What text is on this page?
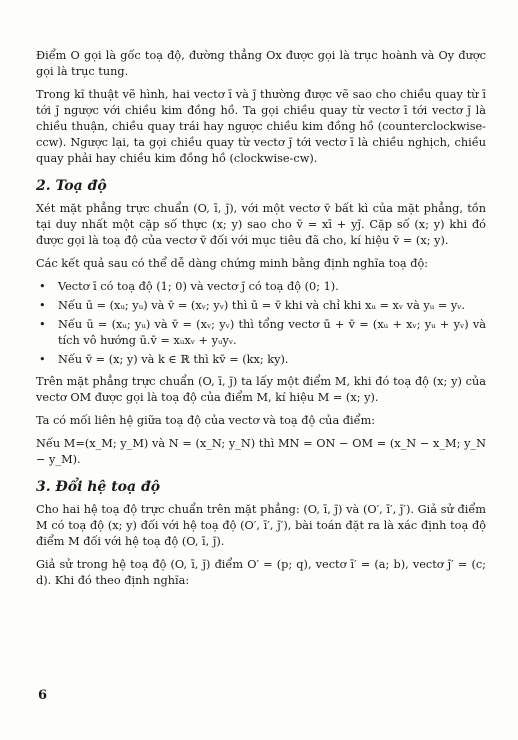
Điểm O gọi là gốc toạ độ, đường thẳng Ox được gọi là trục hoành và Oy được gọi là trục tung.

Trong kĩ thuật vẽ hình, hai vectơ ī và j̄ thường được vẽ sao cho chiều quay từ ī tới j̄ ngược với chiều kim đồng hồ. Ta gọi chiều quay từ vectơ ī tới vectơ j̄ là chiều thuận, chiều quay trái hay ngược chiều kim đồng hồ (counterclockwise-ccw). Ngược lại, ta gọi chiều quay từ vectơ j̄ tới vectơ ī là chiều nghịch, chiều quay phải hay chiều kim đồng hồ (clockwise-cw).

2. Toạ độ

Xét mặt phẳng trực chuẩn (O, ī, j̄), với một vectơ v̄ bất kì của mặt phẳng, tồn tại duy nhất một cặp số thực (x; y) sao cho v̄ = xī + yj̄. Cặp số (x; y) khi đó được gọi là toạ độ của vectơ v̄ đối với mục tiêu đã cho, kí hiệu v̄ = (x; y).

Các kết quả sau có thể dễ dàng chứng minh bằng định nghĩa toạ độ:

• Vectơ ī có toạ độ (1; 0) và vectơ j̄ có toạ độ (0; 1).
• Nếu ū = (xᵤ; yᵤ) và v̄ = (xᵥ; yᵥ) thì ū = v̄ khi và chỉ khi xᵤ = xᵥ và yᵤ = yᵥ.
• Nếu ū = (xᵤ; yᵤ) và v̄ = (xᵥ; yᵥ) thì tổng vectơ ū + v̄ = (xᵤ + xᵥ; yᵤ + yᵥ) và tích vô hướng ū.v̄ = xᵤxᵥ + yᵤyᵥ.
• Nếu v̄ = (x; y) và k ∈ ℝ thì kv̄ = (kx; ky).

Trên mặt phẳng trực chuẩn (O, ī, j̄) ta lấy một điểm M, khi đó toạ độ (x; y) của vectơ OM được gọi là toạ độ của điểm M, kí hiệu M = (x; y).

Ta có mối liên hệ giữa toạ độ của vectơ và toạ độ của điểm:

Nếu M=(x_M; y_M) và N = (x_N; y_N) thì MN = ON − OM = (x_N − x_M; y_N − y_M).

3. Đổi hệ toạ độ

Cho hai hệ toạ độ trực chuẩn trên mặt phẳng: (O, ī, j̄) và (O′, ī′, j̄′). Giả sử điểm M có toạ độ (x; y) đối với hệ toạ độ (O′, ī′, j̄′), bài toán đặt ra là xác định toạ độ điểm M đối với hệ toạ độ (O, ī, j̄).

Giả sử trong hệ toạ độ (O, ī, j̄) điểm O′ = (p; q), vectơ ī′ = (a; b), vectơ j̄′ = (c; d). Khi đó theo định nghĩa:

6
